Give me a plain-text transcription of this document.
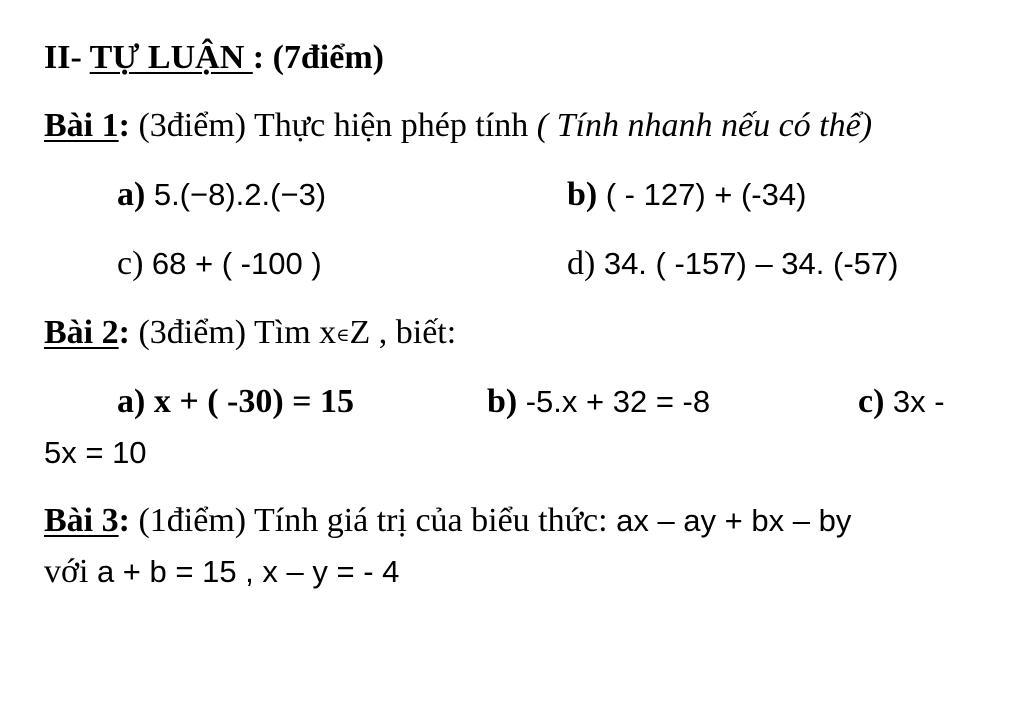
II- TỰ LUẬN : (7điểm)
Bài 1: (3điểm) Thực hiện phép tính ( Tính nhanh nếu có thể)
a) 5.(−8).2.(−3)	b) ( - 127) + (-34)
c) 68 + ( -100 )	d) 34. ( -157) – 34. (-57)
Bài 2: (3điểm) Tìm x∈Z , biết:
a) x + ( -30) = 15	b) -5.x + 32 = -8	c) 3x -
5x = 10
Bài 3: (1điểm) Tính giá trị của biểu thức: ax – ay + bx – by
với a + b = 15 , x – y = - 4
